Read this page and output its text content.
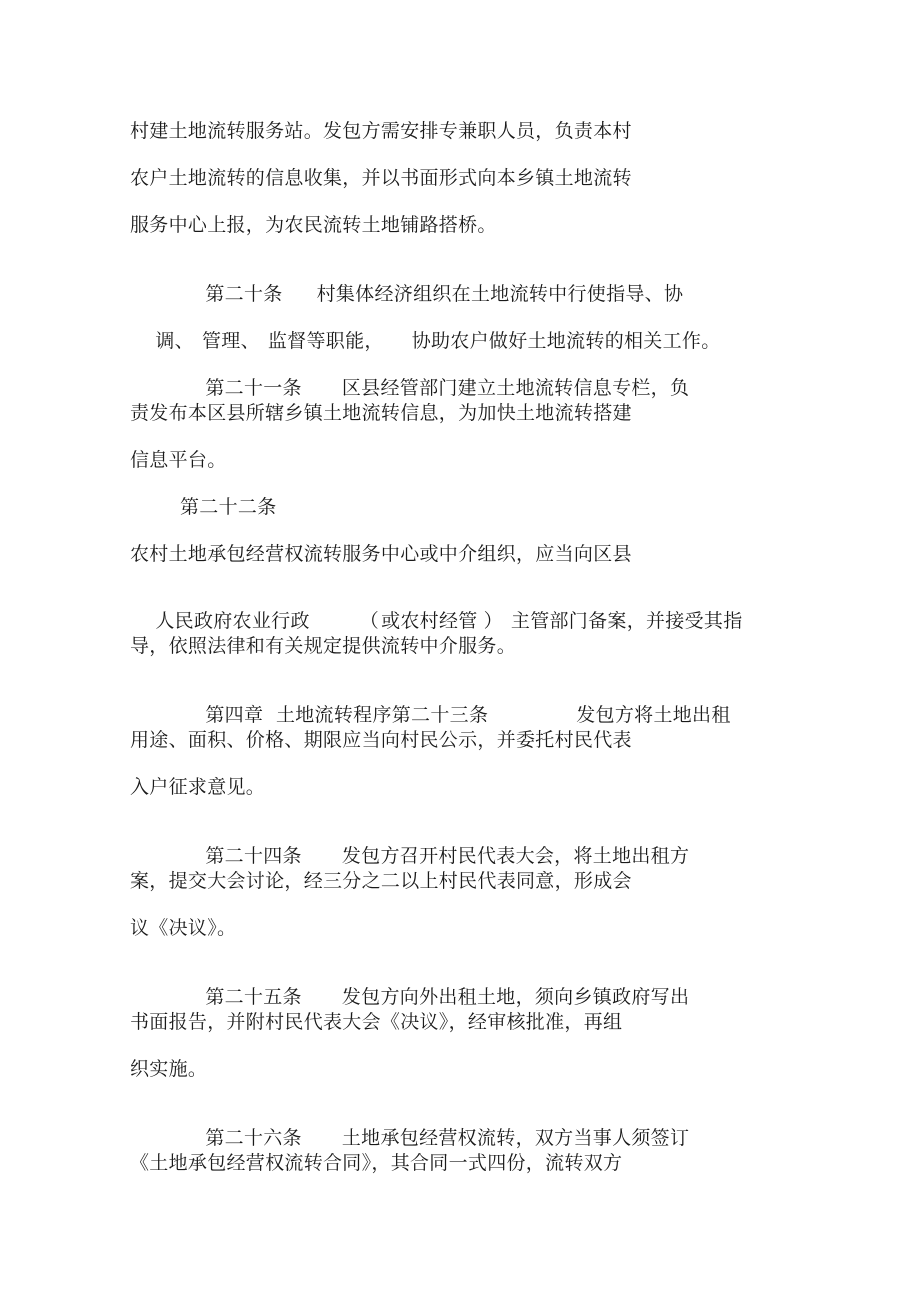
村建土地流转服务站。发包方需安排专兼职人员，负责本村
农户土地流转的信息收集，并以书面形式向本乡镇土地流转
服务中心上报，为农民流转土地铺路搭桥。

第二十条 村集体经济组织在土地流转中行使指导、协

调、 管理、 监督等职能， 协助农户做好土地流转的相关工作。

第二十一条 区县经管部门建立土地流转信息专栏，负

责发布本区县所辖乡镇土地流转信息，为加快土地流转搭建
信息平台。
第二十二条
农村土地承包经营权流转服务中心或中介组织，应当向区县

人民政府农业行政	（ 或农村经管 ） 主管部门备案，并接受其指

导，依照法律和有关规定提供流转中介服务。

第四章  土地流转程序第二十三条	发包方将土地出租

用途、面积、价格、期限应当向村民公示，并委托村民代表
入户征求意见。

第二十四条 发包方召开村民代表大会，将土地出租方

案，提交大会讨论，经三分之二以上村民代表同意，形成会
议《决议》。

第二十五条 发包方向外出租土地，须向乡镇政府写出

书面报告，并附村民代表大会《决议》，经审核批准，再组
织实施。

第二十六条 土地承包经营权流转，双方当事人须签订

《土地承包经营权流转合同》，其合同一式四份，流转双方
